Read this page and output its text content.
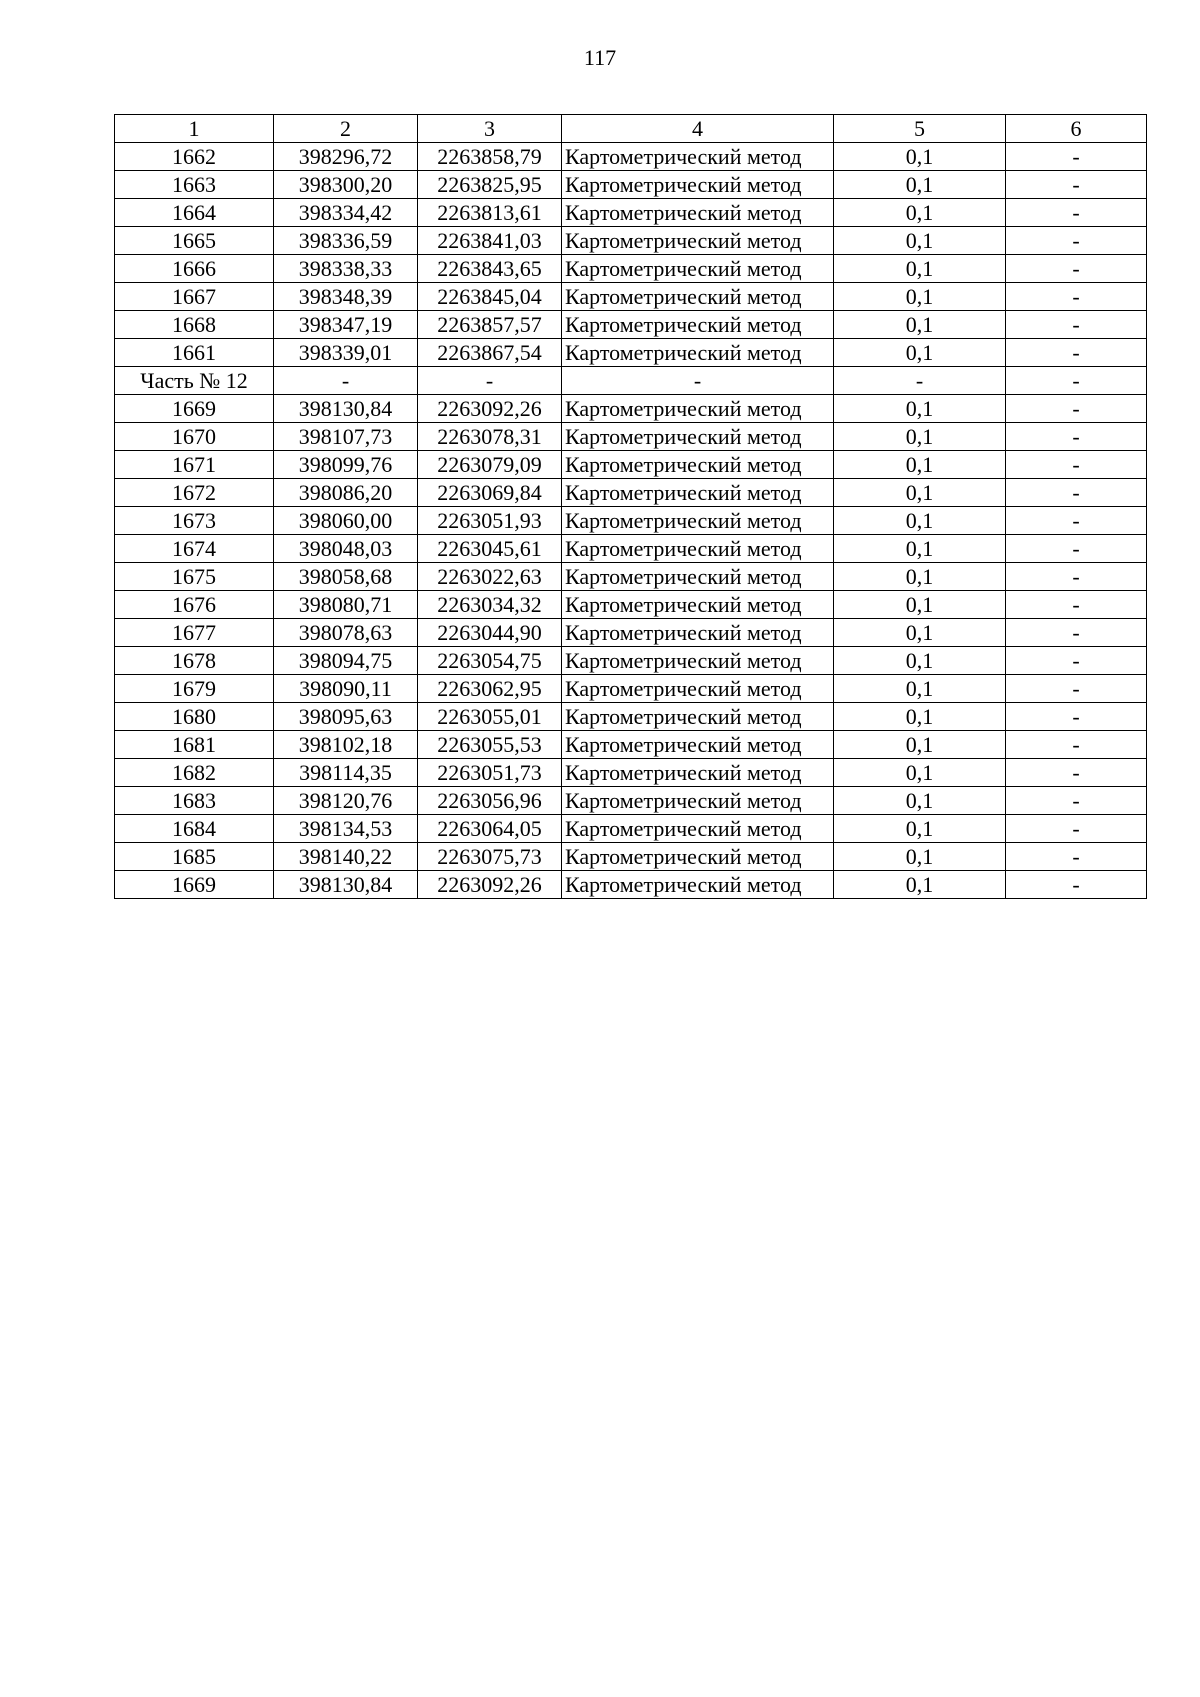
117
1	2	3	4	5	6
1662	398296,72	2263858,79	Картометрический метод	0,1	-
1663	398300,20	2263825,95	Картометрический метод	0,1	-
1664	398334,42	2263813,61	Картометрический метод	0,1	-
1665	398336,59	2263841,03	Картометрический метод	0,1	-
1666	398338,33	2263843,65	Картометрический метод	0,1	-
1667	398348,39	2263845,04	Картометрический метод	0,1	-
1668	398347,19	2263857,57	Картометрический метод	0,1	-
1661	398339,01	2263867,54	Картометрический метод	0,1	-
Часть № 12	-	-	-	-	-
1669	398130,84	2263092,26	Картометрический метод	0,1	-
1670	398107,73	2263078,31	Картометрический метод	0,1	-
1671	398099,76	2263079,09	Картометрический метод	0,1	-
1672	398086,20	2263069,84	Картометрический метод	0,1	-
1673	398060,00	2263051,93	Картометрический метод	0,1	-
1674	398048,03	2263045,61	Картометрический метод	0,1	-
1675	398058,68	2263022,63	Картометрический метод	0,1	-
1676	398080,71	2263034,32	Картометрический метод	0,1	-
1677	398078,63	2263044,90	Картометрический метод	0,1	-
1678	398094,75	2263054,75	Картометрический метод	0,1	-
1679	398090,11	2263062,95	Картометрический метод	0,1	-
1680	398095,63	2263055,01	Картометрический метод	0,1	-
1681	398102,18	2263055,53	Картометрический метод	0,1	-
1682	398114,35	2263051,73	Картометрический метод	0,1	-
1683	398120,76	2263056,96	Картометрический метод	0,1	-
1684	398134,53	2263064,05	Картометрический метод	0,1	-
1685	398140,22	2263075,73	Картометрический метод	0,1	-
1669	398130,84	2263092,26	Картометрический метод	0,1	-
